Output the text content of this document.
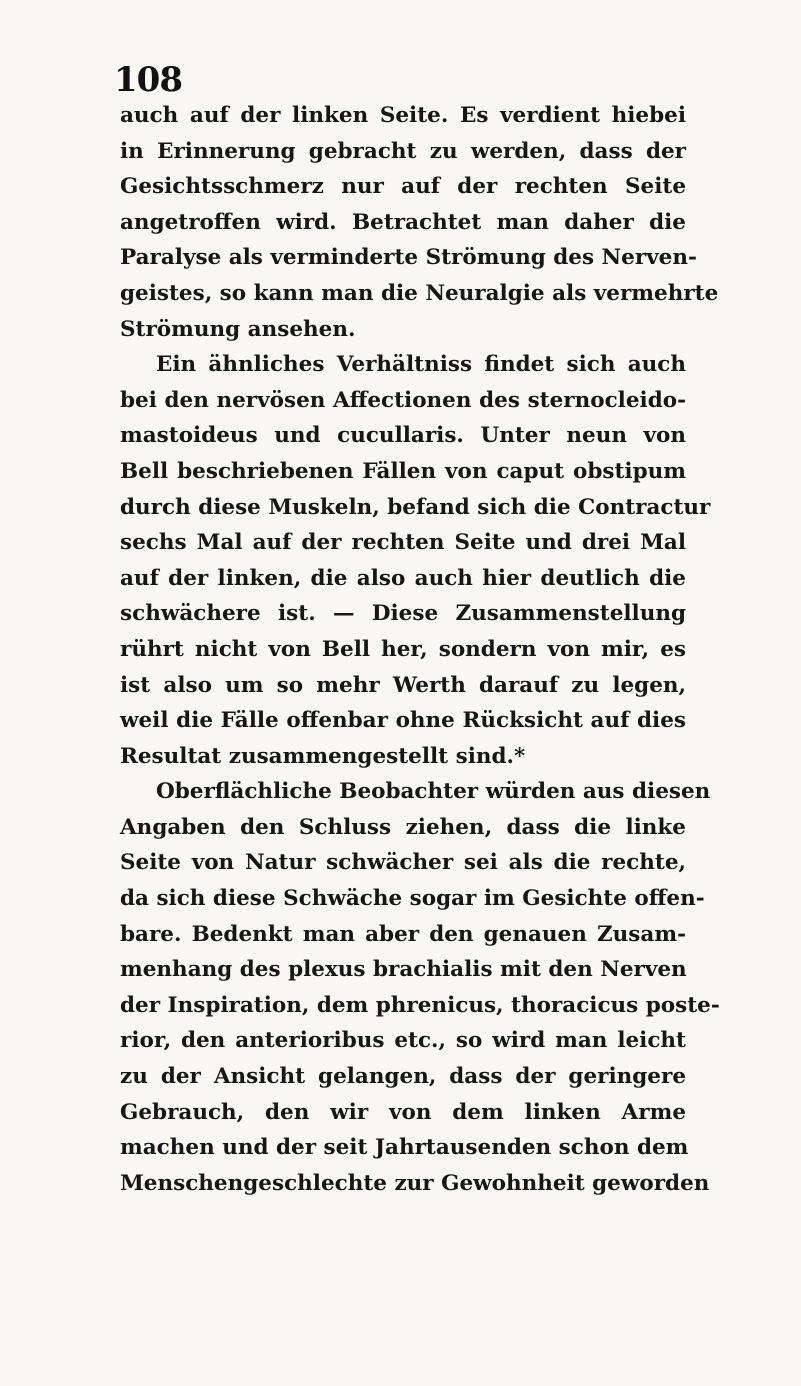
108
auch auf der linken Seite. Es verdient hiebei
in Erinnerung gebracht zu werden, dass der
Gesichtsschmerz nur auf der rechten Seite
angetroffen wird. Betrachtet man daher die
Paralyse als verminderte Strömung des Nerven-
geistes, so kann man die Neuralgie als vermehrte
Strömung ansehen.
Ein ähnliches Verhältniss findet sich auch
bei den nervösen Affectionen des sternocleido-
mastoideus und cucullaris. Unter neun von
Bell beschriebenen Fällen von caput obstipum
durch diese Muskeln, befand sich die Contractur
sechs Mal auf der rechten Seite und drei Mal
auf der linken, die also auch hier deutlich die
schwächere ist. — Diese Zusammenstellung
rührt nicht von Bell her, sondern von mir, es
ist also um so mehr Werth darauf zu legen,
weil die Fälle offenbar ohne Rücksicht auf dies
Resultat zusammengestellt sind.*
Oberflächliche Beobachter würden aus diesen
Angaben den Schluss ziehen, dass die linke
Seite von Natur schwächer sei als die rechte,
da sich diese Schwäche sogar im Gesichte offen-
bare. Bedenkt man aber den genauen Zusam-
menhang des plexus brachialis mit den Nerven
der Inspiration, dem phrenicus, thoracicus poste-
rior, den anterioribus etc., so wird man leicht
zu der Ansicht gelangen, dass der geringere
Gebrauch, den wir von dem linken Arme
machen und der seit Jahrtausenden schon dem
Menschengeschlechte zur Gewohnheit geworden
